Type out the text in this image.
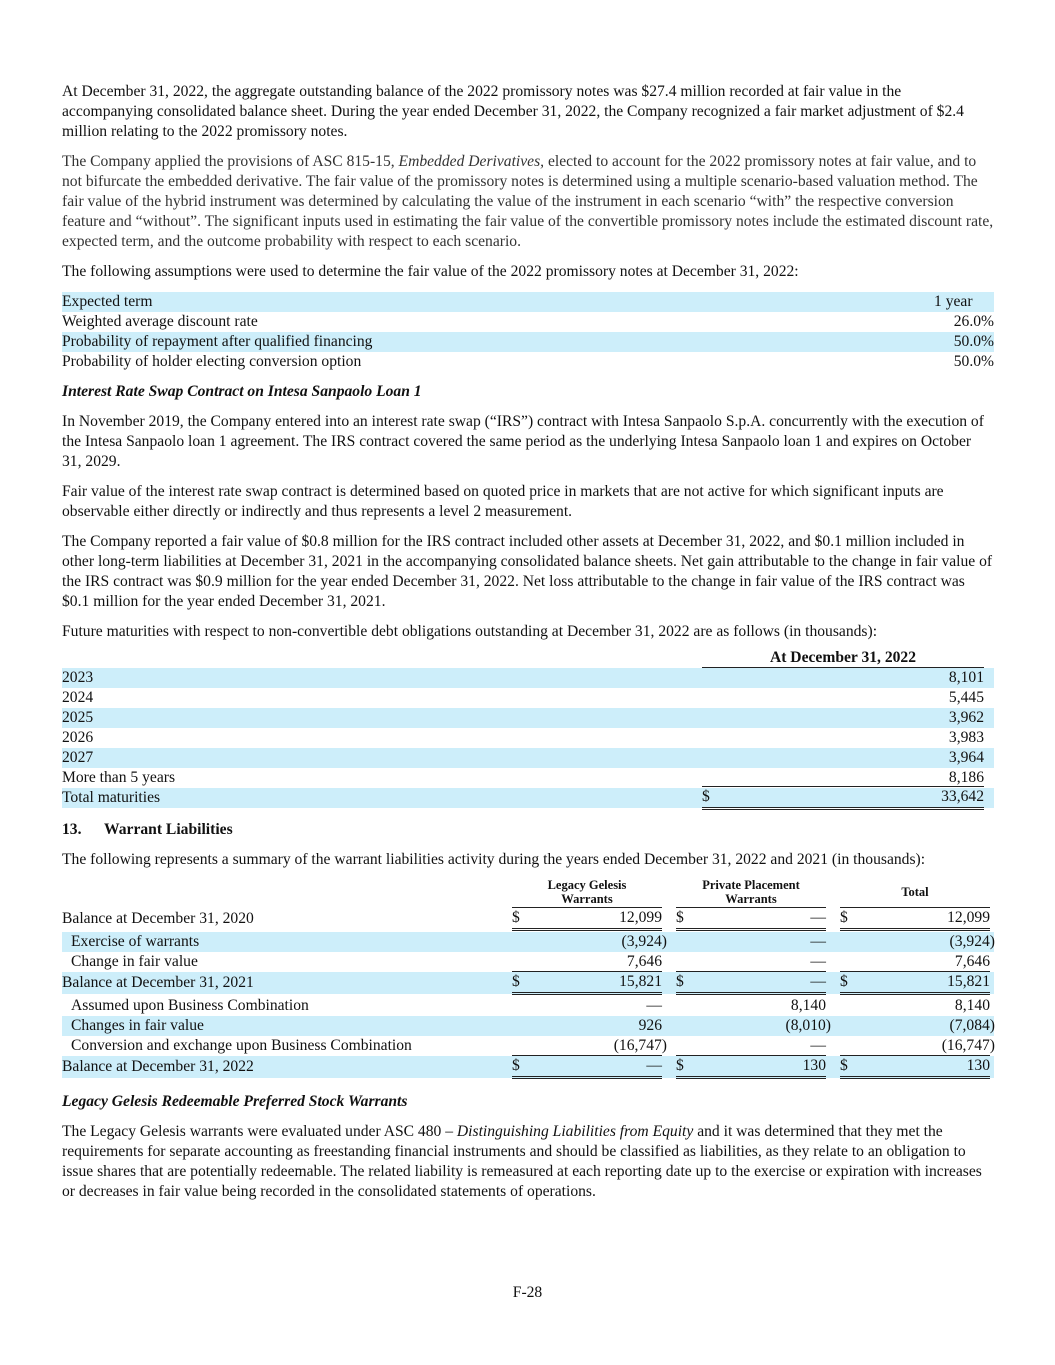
At December 31, 2022, the aggregate outstanding balance of the 2022 promissory notes was $27.4 million recorded at fair value in the accompanying consolidated balance sheet. During the year ended December 31, 2022, the Company recognized a fair market adjustment of $2.4 million relating to the 2022 promissory notes.

The Company applied the provisions of ASC 815-15, Embedded Derivatives, elected to account for the 2022 promissory notes at fair value, and to not bifurcate the embedded derivative. The fair value of the promissory notes is determined using a multiple scenario-based valuation method. The fair value of the hybrid instrument was determined by calculating the value of the instrument in each scenario “with” the respective conversion feature and “without”. The significant inputs used in estimating the fair value of the convertible promissory notes include the estimated discount rate, expected term, and the outcome probability with respect to each scenario.

The following assumptions were used to determine the fair value of the 2022 promissory notes at December 31, 2022:

Expected term	1 year
Weighted average discount rate	26.0%
Probability of repayment after qualified financing	50.0%
Probability of holder electing conversion option	50.0%
Interest Rate Swap Contract on Intesa Sanpaolo Loan 1

In November 2019, the Company entered into an interest rate swap (“IRS”) contract with Intesa Sanpaolo S.p.A. concurrently with the execution of the Intesa Sanpaolo loan 1 agreement. The IRS contract covered the same period as the underlying Intesa Sanpaolo loan 1 and expires on October 31, 2029.

Fair value of the interest rate swap contract is determined based on quoted price in markets that are not active for which significant inputs are observable either directly or indirectly and thus represents a level 2 measurement.

The Company reported a fair value of $0.8 million for the IRS contract included other assets at December 31, 2022, and $0.1 million included in other long-term liabilities at December 31, 2021 in the accompanying consolidated balance sheets. Net gain attributable to the change in fair value of the IRS contract was $0.9 million for the year ended December 31, 2022. Net loss attributable to the change in fair value of the IRS contract was $0.1 million for the year ended December 31, 2021.

Future maturities with respect to non-convertible debt obligations outstanding at December 31, 2022 are as follows (in thousands):

At December 31, 2022
2023	8,101
2024	5,445
2025	3,962
2026	3,983
2027	3,964
More than 5 years	8,186
Total maturities	$	33,642
13. Warrant Liabilities

The following represents a summary of the warrant liabilities activity during the years ended December 31, 2022 and 2021 (in thousands):

Legacy Gelesis
Warrants
Private Placement
Warrants	Total
Balance at December 31, 2020	$	12,099 $	— $	12,099
Exercise of warrants	(3,924)	—	(3,924)
Change in fair value	7,646	—	7,646
Balance at December 31, 2021	$	15,821 $	— $	15,821
Assumed upon Business Combination	—	8,140	8,140
Changes in fair value	926	(8,010)	(7,084)
Conversion and exchange upon Business Combination	(16,747)	—	(16,747)
Balance at December 31, 2022	$	— $	130 $	130
Legacy Gelesis Redeemable Preferred Stock Warrants

The Legacy Gelesis warrants were evaluated under ASC 480 – Distinguishing Liabilities from Equity and it was determined that they met the requirements for separate accounting as freestanding financial instruments and should be classified as liabilities, as they relate to an obligation to issue shares that are potentially redeemable. The related liability is remeasured at each reporting date up to the exercise or expiration with increases or decreases in fair value being recorded in the consolidated statements of operations.

F-28
